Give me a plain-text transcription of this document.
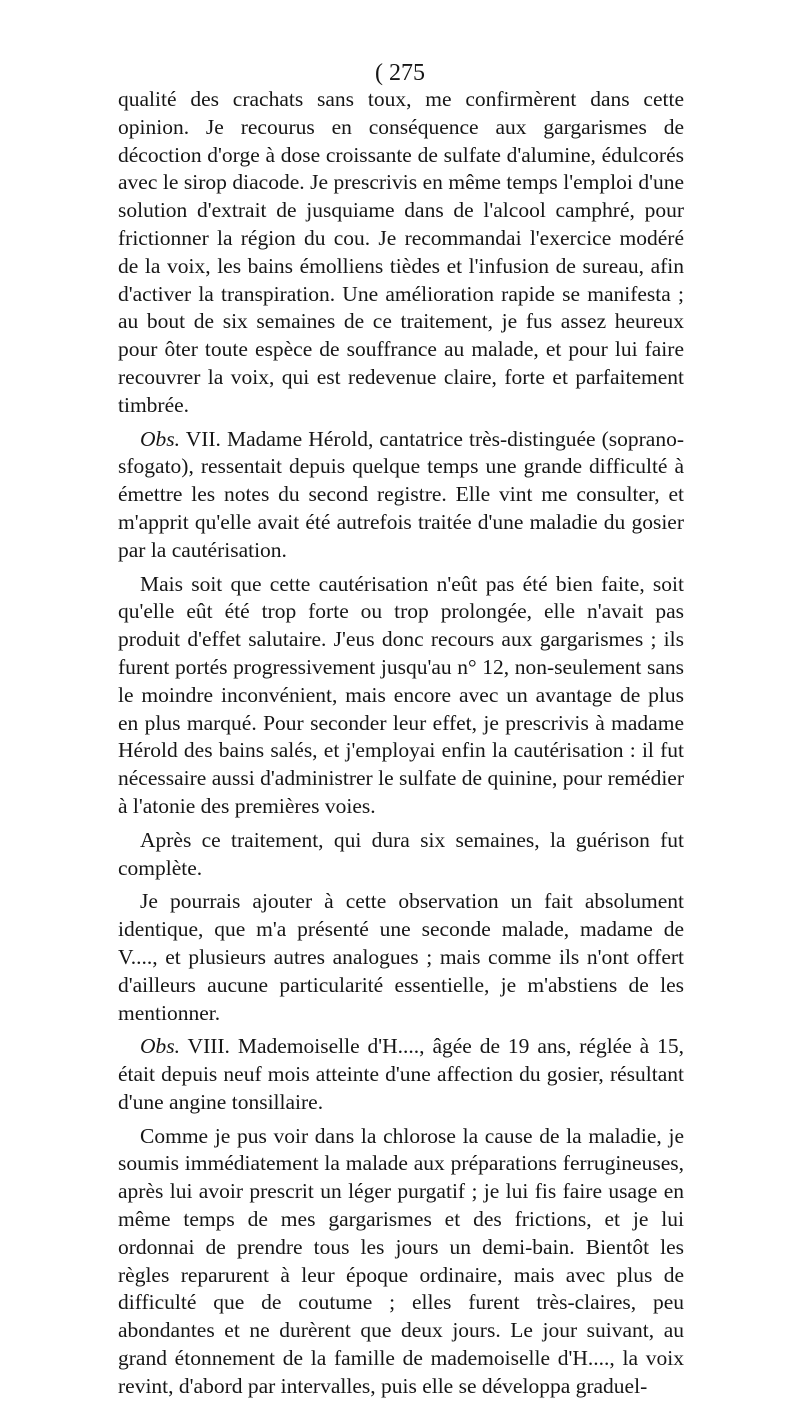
( 275

qualité des crachats sans toux, me confirmèrent dans cette opinion. Je recourus en conséquence aux gargarismes de décoction d'orge à dose croissante de sulfate d'alumine, édulcorés avec le sirop diacode. Je prescrivis en même temps l'emploi d'une solution d'extrait de jusquiame dans de l'alcool camphré, pour frictionner la région du cou. Je recommandai l'exercice modéré de la voix, les bains émolliens tièdes et l'infusion de sureau, afin d'activer la transpiration. Une amélioration rapide se manifesta ; au bout de six semaines de ce traitement, je fus assez heureux pour ôter toute espèce de souffrance au malade, et pour lui faire recouvrer la voix, qui est redevenue claire, forte et parfaitement timbrée.

Obs. VII. Madame Hérold, cantatrice très-distinguée (soprano-sfogato), ressentait depuis quelque temps une grande difficulté à émettre les notes du second registre. Elle vint me consulter, et m'apprit qu'elle avait été autrefois traitée d'une maladie du gosier par la cautérisation.

Mais soit que cette cautérisation n'eût pas été bien faite, soit qu'elle eût été trop forte ou trop prolongée, elle n'avait pas produit d'effet salutaire. J'eus donc recours aux gargarismes ; ils furent portés progressivement jusqu'au n° 12, non-seulement sans le moindre inconvénient, mais encore avec un avantage de plus en plus marqué. Pour seconder leur effet, je prescrivis à madame Hérold des bains salés, et j'employai enfin la cautérisation : il fut nécessaire aussi d'administrer le sulfate de quinine, pour remédier à l'atonie des premières voies.

Après ce traitement, qui dura six semaines, la guérison fut complète.

Je pourrais ajouter à cette observation un fait absolument identique, que m'a présenté une seconde malade, madame de V...., et plusieurs autres analogues ; mais comme ils n'ont offert d'ailleurs aucune particularité essentielle, je m'abstiens de les mentionner.

Obs. VIII. Mademoiselle d'H...., âgée de 19 ans, réglée à 15, était depuis neuf mois atteinte d'une affection du gosier, résultant d'une angine tonsillaire.

Comme je pus voir dans la chlorose la cause de la maladie, je soumis immédiatement la malade aux préparations ferrugineuses, après lui avoir prescrit un léger purgatif ; je lui fis faire usage en même temps de mes gargarismes et des frictions, et je lui ordonnai de prendre tous les jours un demi-bain. Bientôt les règles reparurent à leur époque ordinaire, mais avec plus de difficulté que de coutume ; elles furent très-claires, peu abondantes et ne durèrent que deux jours. Le jour suivant, au grand étonnement de la famille de mademoiselle d'H...., la voix revint, d'abord par intervalles, puis elle se développa graduel-
